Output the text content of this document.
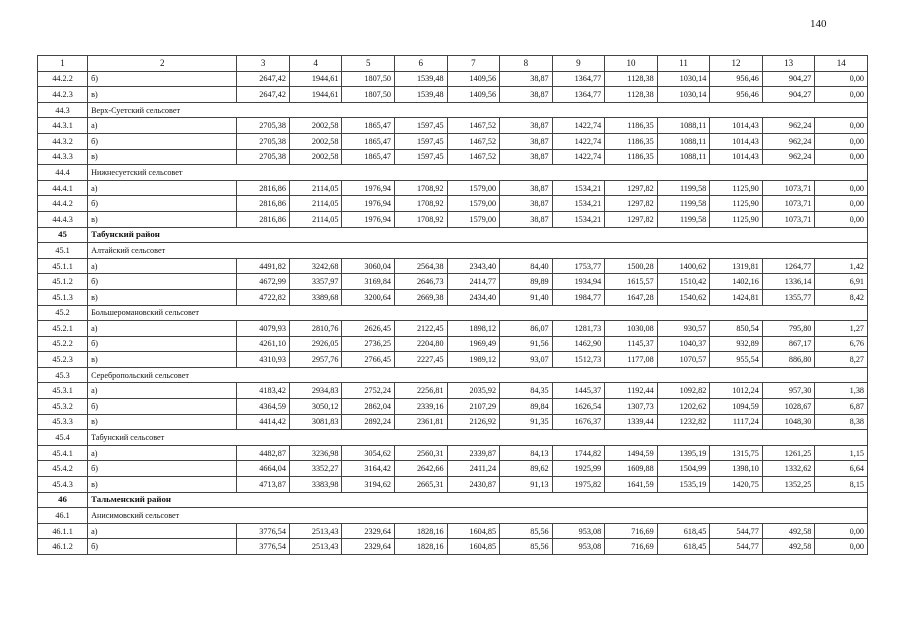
140
1	2	3	4	5	6	7	8	9	10	11	12	13	14
44.2.2	б)	2647,42	1944,61	1807,50	1539,48	1409,56	38,87	1364,77	1128,38	1030,14	956,46	904,27	0,00
44.2.3	в)	2647,42	1944,61	1807,50	1539,48	1409,56	38,87	1364,77	1128,38	1030,14	956,46	904,27	0,00
44.3	Верх-Суетский сельсовет												
44.3.1	а)	2705,38	2002,58	1865,47	1597,45	1467,52	38,87	1422,74	1186,35	1088,11	1014,43	962,24	0,00
44.3.2	б)	2705,38	2002,58	1865,47	1597,45	1467,52	38,87	1422,74	1186,35	1088,11	1014,43	962,24	0,00
44.3.3	в)	2705,38	2002,58	1865,47	1597,45	1467,52	38,87	1422,74	1186,35	1088,11	1014,43	962,24	0,00
44.4	Нижнесуетский сельсовет												
44.4.1	а)	2816,86	2114,05	1976,94	1708,92	1579,00	38,87	1534,21	1297,82	1199,58	1125,90	1073,71	0,00
44.4.2	б)	2816,86	2114,05	1976,94	1708,92	1579,00	38,87	1534,21	1297,82	1199,58	1125,90	1073,71	0,00
44.4.3	в)	2816,86	2114,05	1976,94	1708,92	1579,00	38,87	1534,21	1297,82	1199,58	1125,90	1073,71	0,00
45	Табунский район												
45.1	Алтайский сельсовет												
45.1.1	а)	4491,82	3242,68	3060,04	2564,38	2343,40	84,40	1753,77	1500,28	1400,62	1319,81	1264,77	1,42
45.1.2	б)	4672,99	3357,97	3169,84	2646,73	2414,77	89,89	1934,94	1615,57	1510,42	1402,16	1336,14	6,91
45.1.3	в)	4722,82	3389,68	3200,64	2669,38	2434,40	91,40	1984,77	1647,28	1540,62	1424,81	1355,77	8,42
45.2	Большеромановский сельсовет												
45.2.1	а)	4079,93	2810,76	2626,45	2122,45	1898,12	86,07	1281,73	1030,08	930,57	850,54	795,80	1,27
45.2.2	б)	4261,10	2926,05	2736,25	2204,80	1969,49	91,56	1462,90	1145,37	1040,37	932,89	867,17	6,76
45.2.3	в)	4310,93	2957,76	2766,45	2227,45	1989,12	93,07	1512,73	1177,08	1070,57	955,54	886,80	8,27
45.3	Серебропольский сельсовет												
45.3.1	а)	4183,42	2934,83	2752,24	2256,81	2035,92	84,35	1445,37	1192,44	1092,82	1012,24	957,30	1,38
45.3.2	б)	4364,59	3050,12	2862,04	2339,16	2107,29	89,84	1626,54	1307,73	1202,62	1094,59	1028,67	6,87
45.3.3	в)	4414,42	3081,83	2892,24	2361,81	2126,92	91,35	1676,37	1339,44	1232,82	1117,24	1048,30	8,38
45.4	Табунский сельсовет												
45.4.1	а)	4482,87	3236,98	3054,62	2560,31	2339,87	84,13	1744,82	1494,59	1395,19	1315,75	1261,25	1,15
45.4.2	б)	4664,04	3352,27	3164,42	2642,66	2411,24	89,62	1925,99	1609,88	1504,99	1398,10	1332,62	6,64
45.4.3	в)	4713,87	3383,98	3194,62	2665,31	2430,87	91,13	1975,82	1641,59	1535,19	1420,75	1352,25	8,15
46	Тальменский район												
46.1	Анисимовский сельсовет												
46.1.1	а)	3776,54	2513,43	2329,64	1828,16	1604,85	85,56	953,08	716,69	618,45	544,77	492,58	0,00
46.1.2	б)	3776,54	2513,43	2329,64	1828,16	1604,85	85,56	953,08	716,69	618,45	544,77	492,58	0,00
